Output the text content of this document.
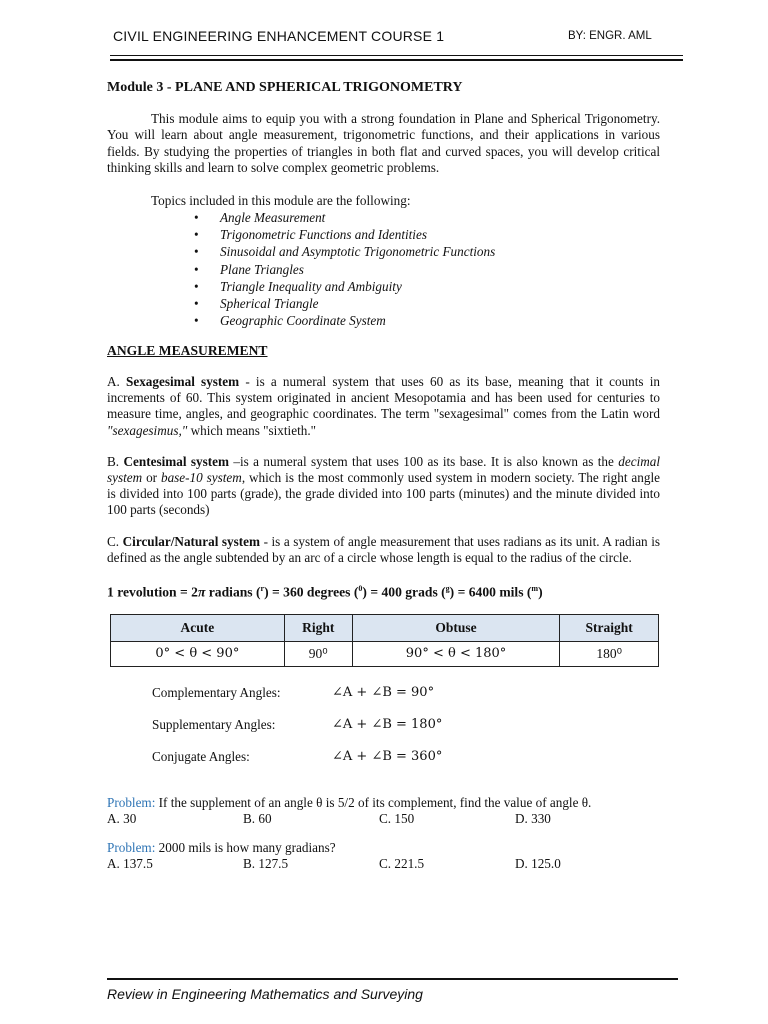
CIVIL ENGINEERING ENHANCEMENT COURSE 1	BY: ENGR. AML

Module 3 - PLANE AND SPHERICAL TRIGONOMETRY

This module aims to equip you with a strong foundation in Plane and Spherical Trigonometry. You will learn about angle measurement, trigonometric functions, and their applications in various fields. By studying the properties of triangles in both flat and curved spaces, you will develop critical thinking skills and learn to solve complex geometric problems.

Topics included in this module are the following:

• Angle Measurement
• Trigonometric Functions and Identities
• Sinusoidal and Asymptotic Trigonometric Functions
• Plane Triangles
• Triangle Inequality and Ambiguity
• Spherical Triangle
• Geographic Coordinate System

ANGLE MEASUREMENT

A. Sexagesimal system - is a numeral system that uses 60 as its base, meaning that it counts in increments of 60. This system originated in ancient Mesopotamia and has been used for centuries to measure time, angles, and geographic coordinates. The term "sexagesimal" comes from the Latin word "sexagesimus," which means "sixtieth."

B. Centesimal system –is a numeral system that uses 100 as its base. It is also known as the decimal system or base-10 system, which is the most commonly used system in modern society. The right angle is divided into 100 parts (grade), the grade divided into 100 parts (minutes) and the minute divided into 100 parts (seconds)

C. Circular/Natural system - is a system of angle measurement that uses radians as its unit. A radian is defined as the angle subtended by an arc of a circle whose length is equal to the radius of the circle.

1 revolution = 2π radians ($^r$) = 360 degrees ($^0$) = 400 grads ($^g$) = 6400 mils ($^m$)

Acute	Right	Obtuse	Straight
0° < θ < 90°	90⁰	90° < θ < 180°	180⁰
Complementary Angles:	∠A + ∠B = 90°
Supplementary Angles:	∠A + ∠B = 180°
Conjugate Angles:	∠A + ∠B = 360°
Problem: If the supplement of an angle θ is 5/2 of its complement, find the value of angle θ.
A. 30	B. 60	C. 150	D. 330
Problem: 2000 mils is how many gradians?
A. 137.5	B. 127.5	C. 221.5	D. 125.0
Review in Engineering Mathematics and Surveying
